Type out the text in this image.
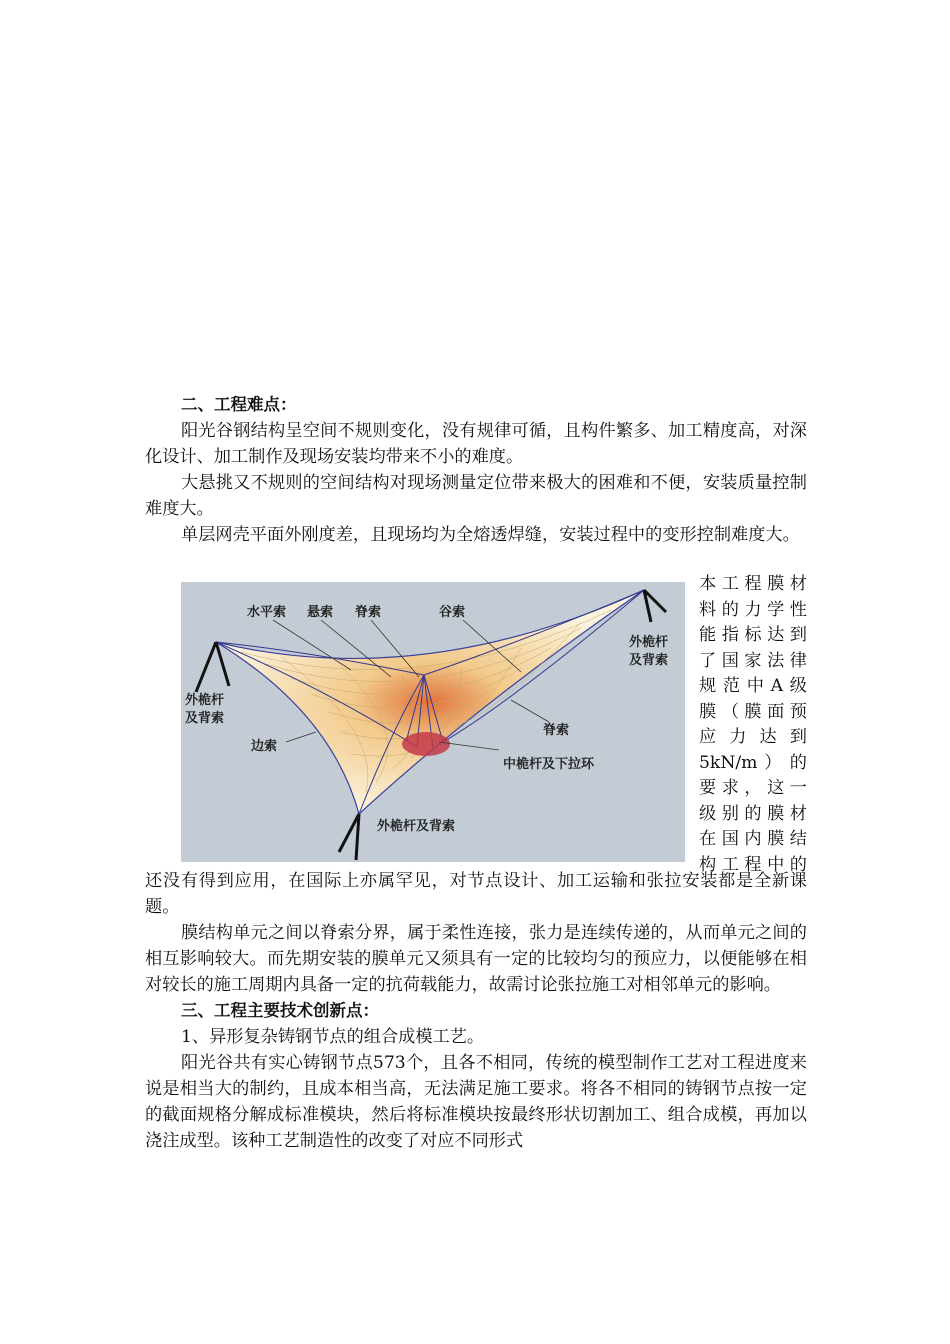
二、工程难点：

阳光谷钢结构呈空间不规则变化，没有规律可循，且构件繁多、加工精度高，对深化设计、加工制作及现场安装均带来不小的难度。

大悬挑又不规则的空间结构对现场测量定位带来极大的困难和不便，安装质量控制难度大。

单层网壳平面外刚度差，且现场均为全熔透焊缝，安装过程中的变形控制难度大。

水平索 悬索 脊索	谷索
外桅杆
及背索
外桅杆
及背索
边索
脊索
中桅杆及下拉环
外桅杆及背索
本工程膜材
料的力学性
能指标达到
了国家法律
规范中A级
膜（膜面预
应力达到
5kN/m ） 的
要求，这一
级别的膜材
在国内膜结
构工程中的

还没有得到应用，在国际上亦属罕见，对节点设计、加工运输和张拉安装都是全新课题。

膜结构单元之间以脊索分界，属于柔性连接，张力是连续传递的，从而单元之间的相互影响较大。而先期安装的膜单元又须具有一定的比较均匀的预应力，以便能够在相对较长的施工周期内具备一定的抗荷载能力，故需讨论张拉施工对相邻单元的影响。

三、工程主要技术创新点：

1、异形复杂铸钢节点的组合成模工艺。

阳光谷共有实心铸钢节点573个，且各不相同，传统的模型制作工艺对工程进度来说是相当大的制约，且成本相当高，无法满足施工要求。将各不相同的铸钢节点按一定的截面规格分解成标准模块，然后将标准模块按最终形状切割加工、组合成模，再加以浇注成型。该种工艺制造性的改变了对应不同形式
